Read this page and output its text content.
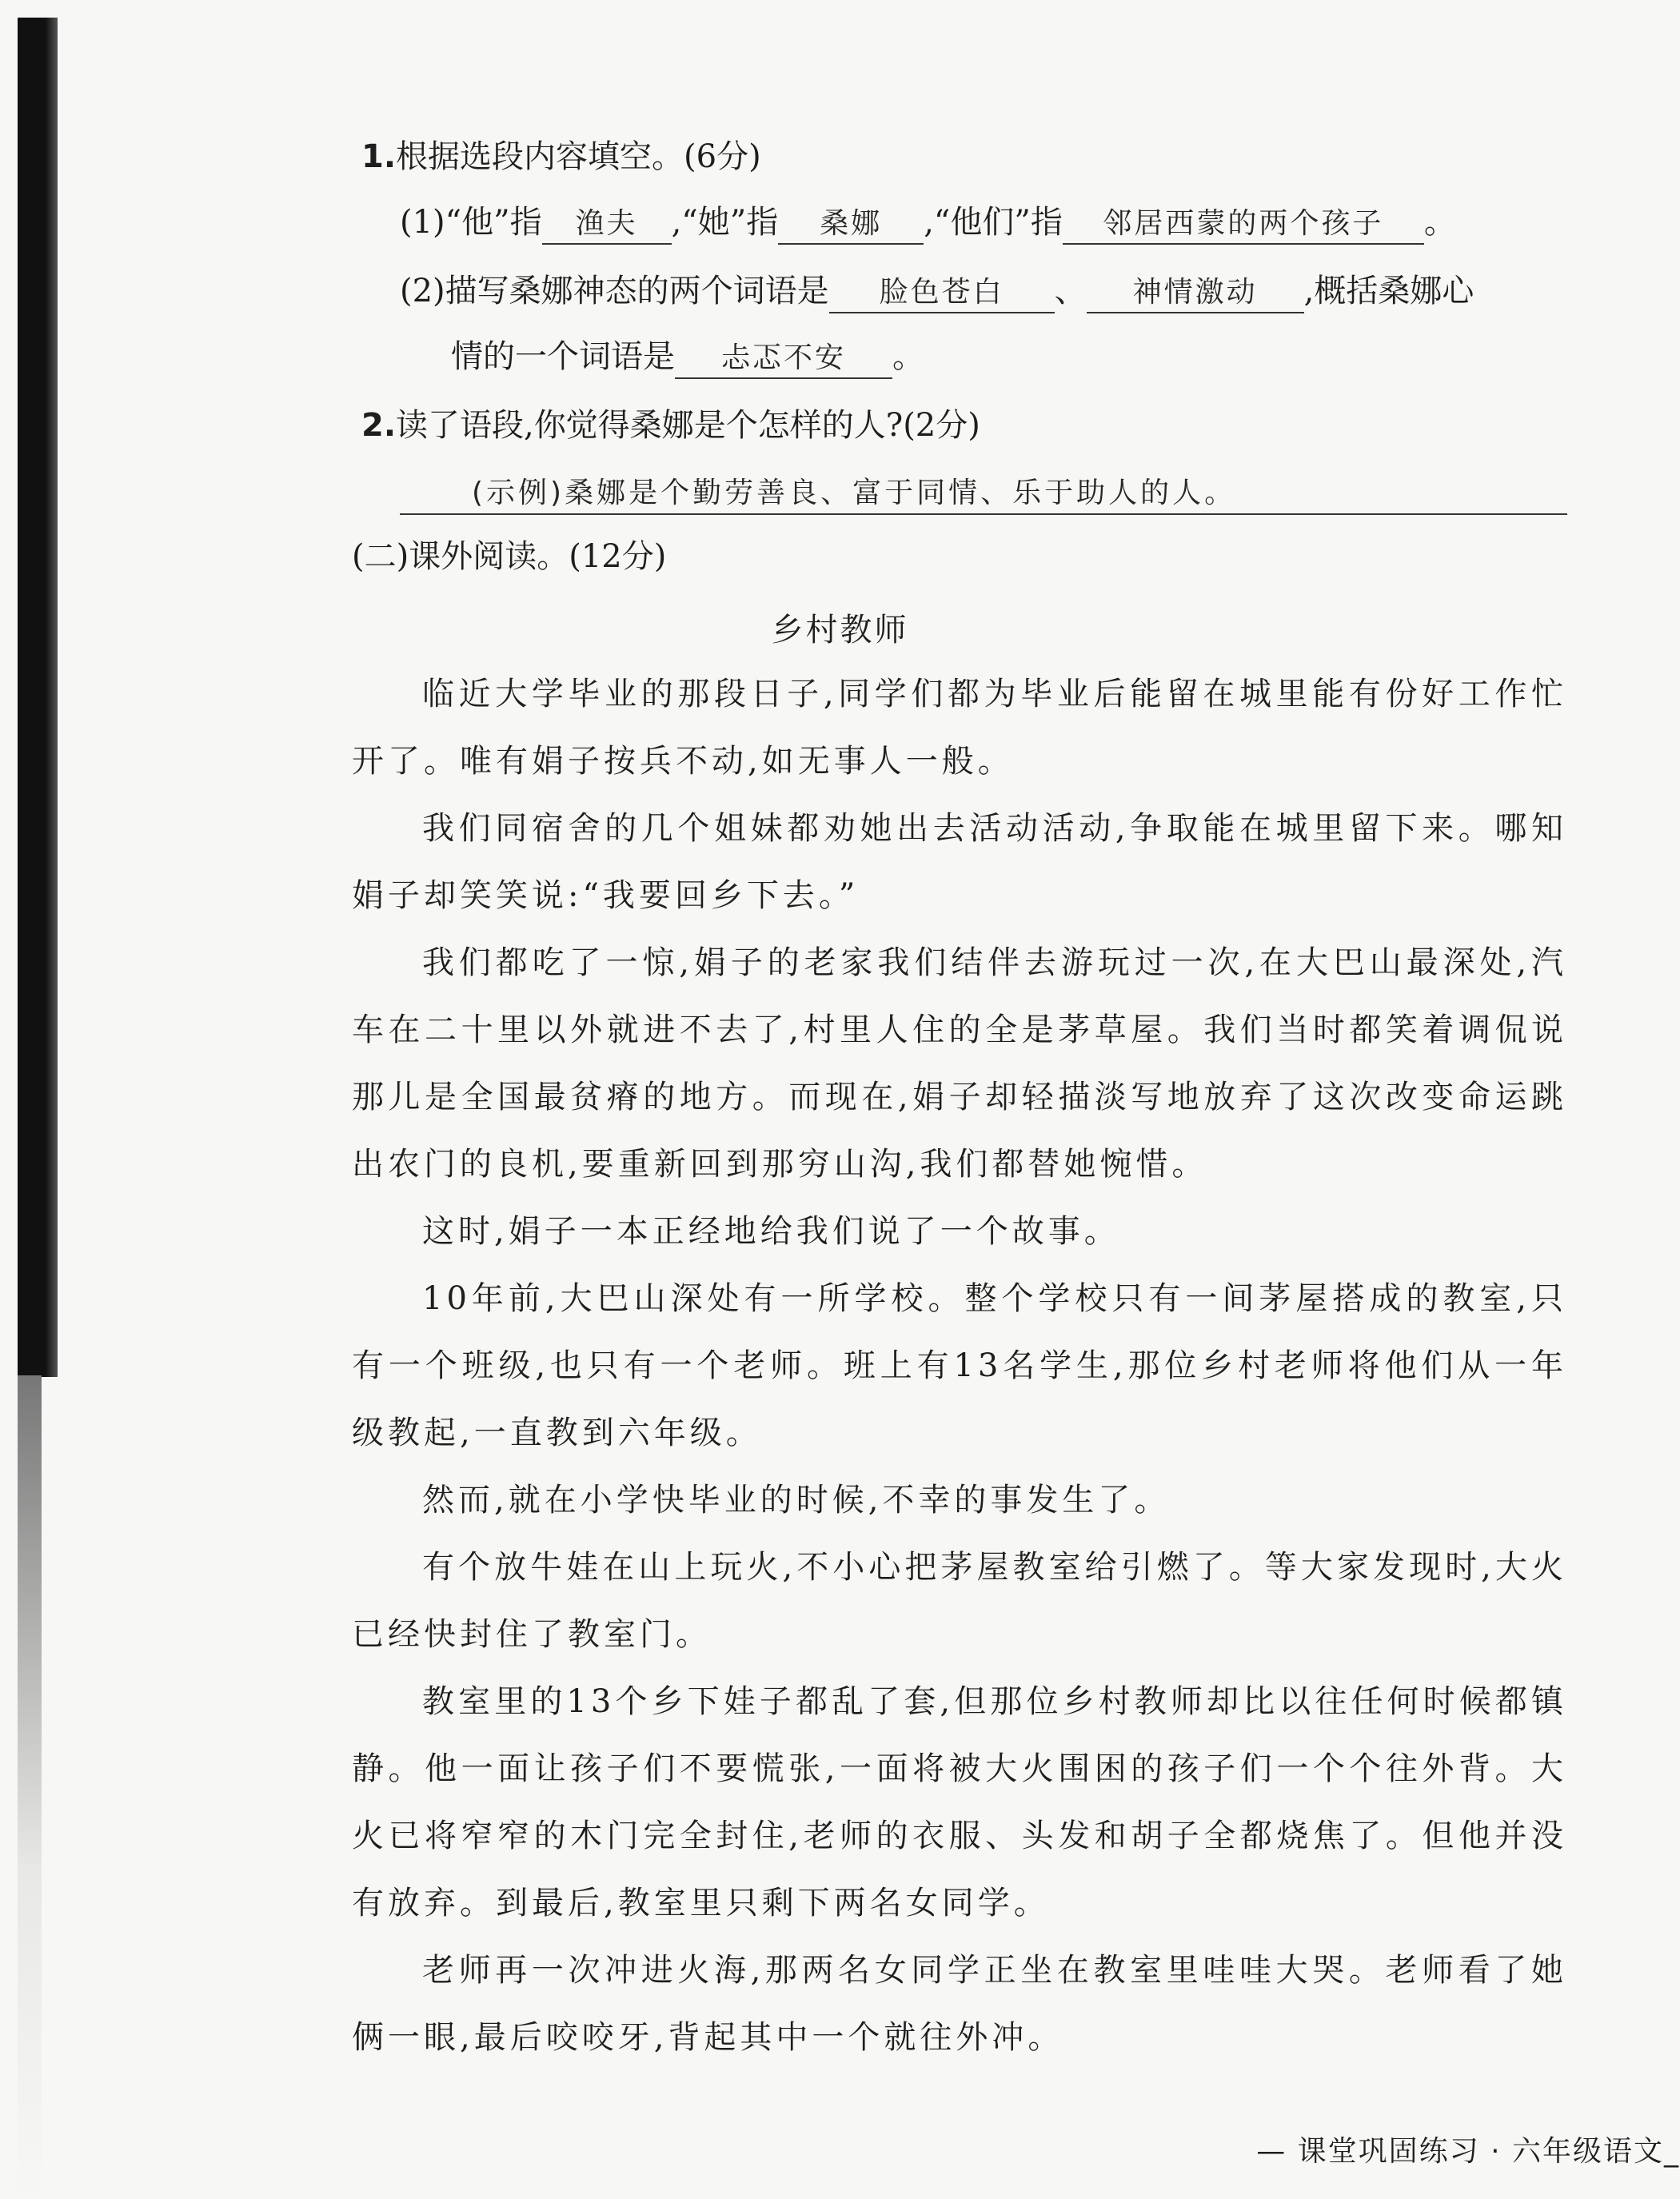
1.根据选段内容填空。(6分)
(1)“他”指 渔夫 ,“她”指 桑娜 ,“他们”指 邻居西蒙的两个孩子 。
(2)描写桑娜神态的两个词语是 脸色苍白 、 神情激动 ,概括桑娜心
情的一个词语是 忐忑不安 。
2.读了语段,你觉得桑娜是个怎样的人?(2分)
(示例)桑娜是个勤劳善良、富于同情、乐于助人的人。
(二)课外阅读。(12分)
乡村教师
临近大学毕业的那段日子,同学们都为毕业后能留在城里能有份好工作忙开了。唯有娟子按兵不动,如无事人一般。
我们同宿舍的几个姐妹都劝她出去活动活动,争取能在城里留下来。哪知娟子却笑笑说:“我要回乡下去。”
我们都吃了一惊,娟子的老家我们结伴去游玩过一次,在大巴山最深处,汽车在二十里以外就进不去了,村里人住的全是茅草屋。我们当时都笑着调侃说那儿是全国最贫瘠的地方。而现在,娟子却轻描淡写地放弃了这次改变命运跳出农门的良机,要重新回到那穷山沟,我们都替她惋惜。
这时,娟子一本正经地给我们说了一个故事。
10年前,大巴山深处有一所学校。整个学校只有一间茅屋搭成的教室,只有一个班级,也只有一个老师。班上有13名学生,那位乡村老师将他们从一年级教起,一直教到六年级。
然而,就在小学快毕业的时候,不幸的事发生了。
有个放牛娃在山上玩火,不小心把茅屋教室给引燃了。等大家发现时,大火已经快封住了教室门。
教室里的13个乡下娃子都乱了套,但那位乡村教师却比以往任何时候都镇静。他一面让孩子们不要慌张,一面将被大火围困的孩子们一个个往外背。大火已将窄窄的木门完全封住,老师的衣服、头发和胡子全都烧焦了。但他并没有放弃。到最后,教室里只剩下两名女同学。
老师再一次冲进火海,那两名女同学正坐在教室里哇哇大哭。老师看了她俩一眼,最后咬咬牙,背起其中一个就往外冲。
— 课堂巩固练习 · 六年级语文_
